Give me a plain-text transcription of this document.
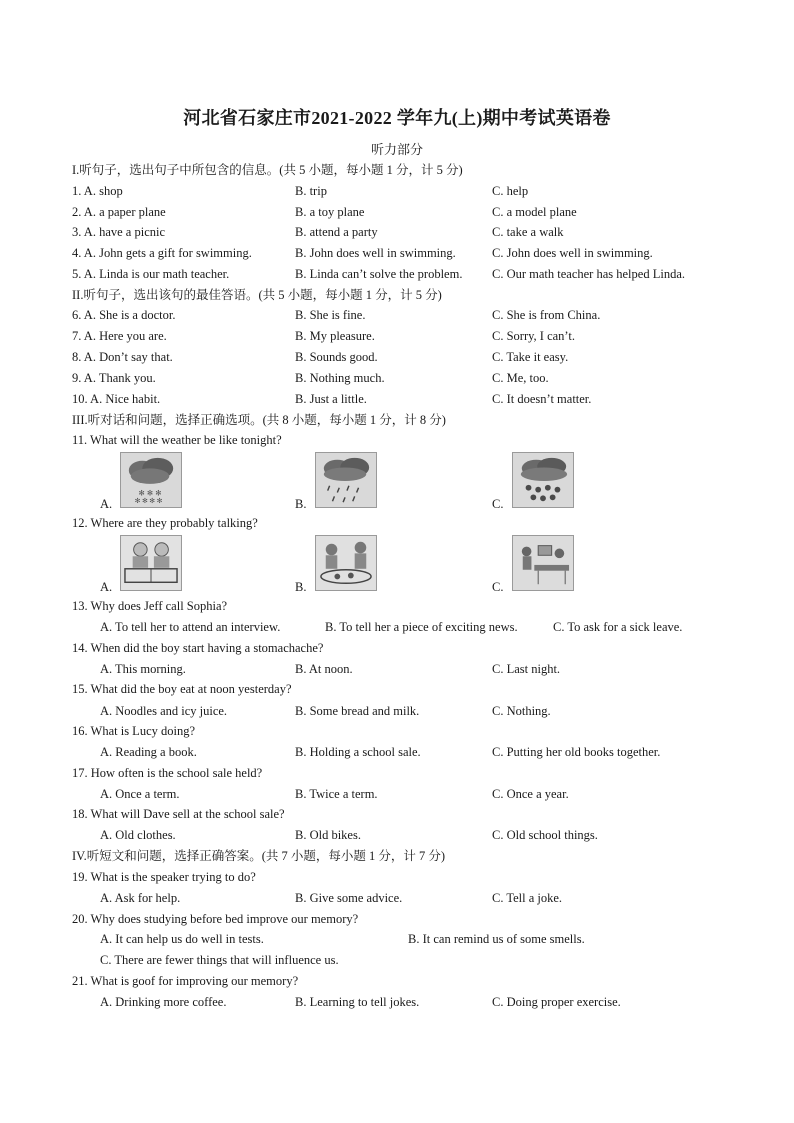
河北省石家庄市2021-2022 学年九(上)期中考试英语卷
听力部分
I.听句子，选出句子中所包含的信息。(共 5 小题，每小题 1 分，计 5 分)
1. A. shop	B. trip	C. help
2. A. a paper plane	B. a toy plane	C. a model plane
3. A. have a picnic	B. attend a party	C. take a walk
4. A. John gets a gift for swimming.	B. John does well in swimming.	C. John does well in swimming.
5. A. Linda is our math teacher.	B. Linda can’t solve the problem. C. Our math teacher has helped Linda.
II.听句子，选出该句的最佳答语。(共 5 小题，每小题 1 分，计 5 分)
6. A. She is a doctor.	B. She is fine.	C. She is from China.
7. A. Here you are.	B. My pleasure.	C. Sorry, I can’t.
8. A. Don’t say that.	B. Sounds good.	C. Take it easy.
9. A. Thank you.	B. Nothing much.	C. Me, too.
10. A. Nice habit.	B. Just a little.	C. It doesn’t matter.
III.听对话和问题，选择正确选项。(共 8 小题，每小题 1 分，计 8 分)
11. What will the weather be like tonight?
A.
✻ ✻ ✻
✻ ✻ ✻ ✻	B.	C.
12. Where are they probably talking?
A.	B.	C.
13. Why does Jeff call Sophia?
A. To tell her to attend an interview.	B. To tell her a piece of exciting news.	C. To ask for a sick leave.
14. When did the boy start having a stomachache?
A. This morning.	B. At noon.	C. Last night.
15. What did the boy eat at noon yesterday?
A. Noodles and icy juice.	B. Some bread and milk.	C. Nothing.
16. What is Lucy doing?
A. Reading a book.	B. Holding a school sale.	C. Putting her old books together.
17. How often is the school sale held?
A. Once a term.	B. Twice a term.	C. Once a year.
18. What will Dave sell at the school sale?
A. Old clothes.	B. Old bikes.	C. Old school things.
IV.听短文和问题，选择正确答案。(共 7 小题，每小题 1 分，计 7 分)
19. What is the speaker trying to do?
A. Ask for help.	B. Give some advice.	C. Tell a joke.
20. Why does studying before bed improve our memory?
A. It can help us do well in tests.	B. It can remind us of some smells.
C. There are fewer things that will influence us.
21. What is goof for improving our memory?
A. Drinking more coffee.	B. Learning to tell jokes.	C. Doing proper exercise.
